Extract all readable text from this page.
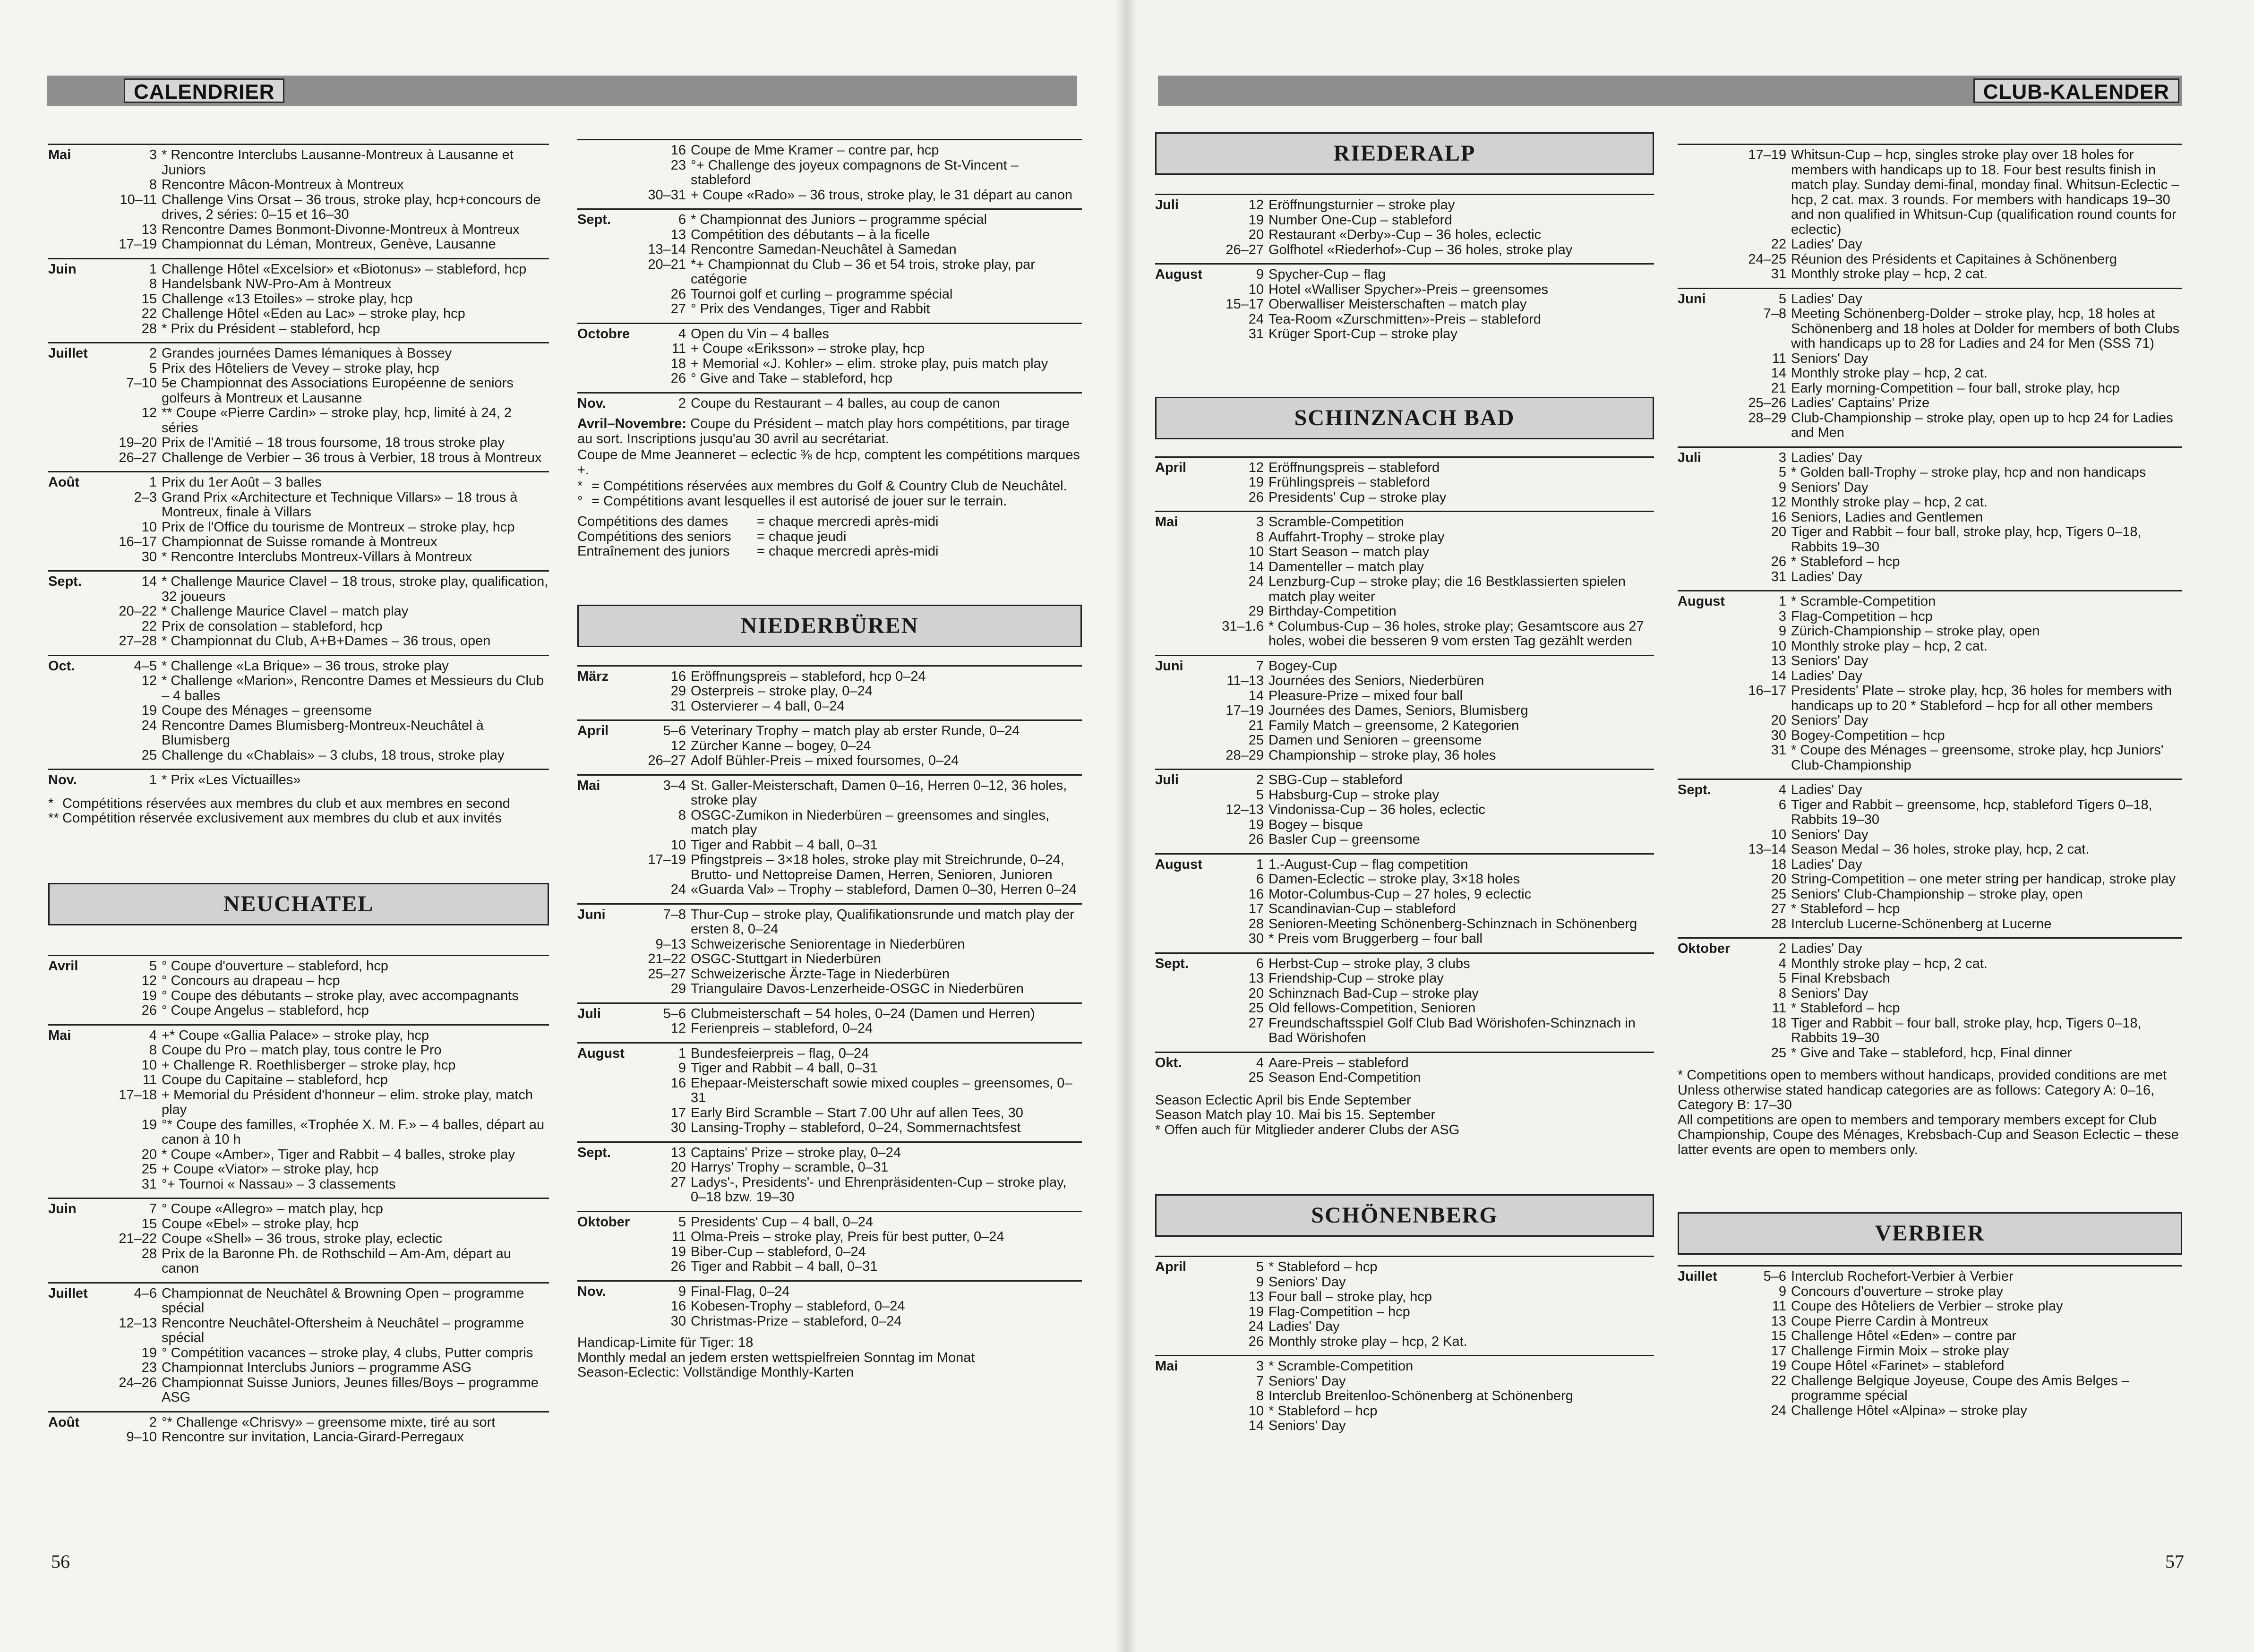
CALENDRIER
Mai	3 * Rencontre Interclubs Lausanne-Montreux à Lausanne et Juniors
8 Rencontre Mâcon-Montreux à Montreux
10–11 Challenge Vins Orsat – 36 trous, stroke play, hcp+concours de drives, 2 séries: 0–15 et 16–30
13 Rencontre Dames Bonmont-Divonne-Montreux à Montreux
17–19 Championnat du Léman, Montreux, Genève, Lausanne
Juin	1 Challenge Hôtel «Excelsior» et «Biotonus» – stableford, hcp
8 Handelsbank NW-Pro-Am à Montreux
15 Challenge «13 Etoiles» – stroke play, hcp
22 Challenge Hôtel «Eden au Lac» – stroke play, hcp
28 * Prix du Président – stableford, hcp
Juillet	2 Grandes journées Dames lémaniques à Bossey
5 Prix des Hôteliers de Vevey – stroke play, hcp
7–10 5e Championnat des Associations Européenne de seniors golfeurs à Montreux et Lausanne
12 ** Coupe «Pierre Cardin» – stroke play, hcp, limité à 24, 2 séries
19–20 Prix de l'Amitié – 18 trous foursome, 18 trous stroke play
26–27 Challenge de Verbier – 36 trous à Verbier, 18 trous à Montreux
Août	1 Prix du 1er Août – 3 balles
2–3 Grand Prix «Architecture et Technique Villars» – 18 trous à Montreux, finale à Villars
10 Prix de l'Office du tourisme de Montreux – stroke play, hcp
16–17 Championnat de Suisse romande à Montreux
30 * Rencontre Interclubs Montreux-Villars à Montreux
Sept.	14 * Challenge Maurice Clavel – 18 trous, stroke play, qualification, 32 joueurs
20–22 * Challenge Maurice Clavel – match play
22 Prix de consolation – stableford, hcp
27–28 * Championnat du Club, A+B+Dames – 36 trous, open
Oct.	4–5 * Challenge «La Brique» – 36 trous, stroke play
12 * Challenge «Marion», Rencontre Dames et Messieurs du Club – 4 balles
19 Coupe des Ménages – greensome
24 Rencontre Dames Blumisberg-Montreux-Neuchâtel à Blumisberg
25 Challenge du «Chablais» – 3 clubs, 18 trous, stroke play
Nov.	1 * Prix «Les Victuailles»
* Compétitions réservées aux membres du club et aux membres en second
** Compétition réservée exclusivement aux membres du club et aux invités
NEUCHATEL
Avril	5 ° Coupe d'ouverture – stableford, hcp
12 ° Concours au drapeau – hcp
19 ° Coupe des débutants – stroke play, avec accompagnants
26 ° Coupe Angelus – stableford, hcp
Mai	4 +* Coupe «Gallia Palace» – stroke play, hcp
8 Coupe du Pro – match play, tous contre le Pro
10 + Challenge R. Roethlisberger – stroke play, hcp
11 Coupe du Capitaine – stableford, hcp
17–18 + Memorial du Président d'honneur – elim. stroke play, match play
19 °* Coupe des familles, «Trophée X. M. F.» – 4 balles, départ au canon à 10 h
20 * Coupe «Amber», Tiger and Rabbit – 4 balles, stroke play
25 + Coupe «Viator» – stroke play, hcp
31 °+ Tournoi « Nassau» – 3 classements
Juin	7 ° Coupe «Allegro» – match play, hcp
15 Coupe «Ebel» – stroke play, hcp
21–22 Coupe «Shell» – 36 trous, stroke play, eclectic
28 Prix de la Baronne Ph. de Rothschild – Am-Am, départ au canon
Juillet	4–6 Championnat de Neuchâtel & Browning Open – programme spécial
12–13 Rencontre Neuchâtel-Oftersheim à Neuchâtel – programme spécial
19 ° Compétition vacances – stroke play, 4 clubs, Putter compris
23 Championnat Interclubs Juniors – programme ASG
24–26 Championnat Suisse Juniors, Jeunes filles/Boys – programme ASG
Août	2 °* Challenge «Chrisvy» – greensome mixte, tiré au sort
9–10 Rencontre sur invitation, Lancia-Girard-Perregaux
16 Coupe de Mme Kramer – contre par, hcp
23 °+ Challenge des joyeux compagnons de St-Vincent – stableford
30–31 + Coupe «Rado» – 36 trous, stroke play, le 31 départ au canon
Sept.	6 * Championnat des Juniors – programme spécial
13 Compétition des débutants – à la ficelle
13–14 Rencontre Samedan-Neuchâtel à Samedan
20–21 *+ Championnat du Club – 36 et 54 trois, stroke play, par catégorie
26 Tournoi golf et curling – programme spécial
27 ° Prix des Vendanges, Tiger and Rabbit
Octobre	4 Open du Vin – 4 balles
11 + Coupe «Eriksson» – stroke play, hcp
18 + Memorial «J. Kohler» – elim. stroke play, puis match play
26 ° Give and Take – stableford, hcp
Nov.	2 Coupe du Restaurant – 4 balles, au coup de canon
Avril–Novembre: Coupe du Président – match play hors compétitions, par tirage au sort. Inscriptions jusqu'au 30 avril au secrétariat.
Coupe de Mme Jeanneret – eclectic ⅜ de hcp, comptent les compétitions marques +.
* = Compétitions réservées aux membres du Golf & Country Club de Neuchâtel.
° = Compétitions avant lesquelles il est autorisé de jouer sur le terrain.
Compétitions des dames	= chaque mercredi après-midi
Compétitions des seniors	= chaque jeudi
Entraînement des juniors	= chaque mercredi après-midi
NIEDERBÜREN
März	16 Eröffnungspreis – stableford, hcp 0–24
29 Osterpreis – stroke play, 0–24
31 Ostervierer – 4 ball, 0–24
April	5–6 Veterinary Trophy – match play ab erster Runde, 0–24
12 Zürcher Kanne – bogey, 0–24
26–27 Adolf Bühler-Preis – mixed foursomes, 0–24
Mai	3–4 St. Galler-Meisterschaft, Damen 0–16, Herren 0–12, 36 holes, stroke play
8 OSGC-Zumikon in Niederbüren – greensomes and singles, match play
10 Tiger and Rabbit – 4 ball, 0–31
17–19 Pfingstpreis – 3×18 holes, stroke play mit Streichrunde, 0–24, Brutto- und Nettopreise Damen, Herren, Senioren, Junioren
24 «Guarda Val» – Trophy – stableford, Damen 0–30, Herren 0–24
Juni	7–8 Thur-Cup – stroke play, Qualifikationsrunde und match play der ersten 8, 0–24
9–13 Schweizerische Seniorentage in Niederbüren
21–22 OSGC-Stuttgart in Niederbüren
25–27 Schweizerische Ärzte-Tage in Niederbüren
29 Triangulaire Davos-Lenzerheide-OSGC in Niederbüren
Juli	5–6 Clubmeisterschaft – 54 holes, 0–24 (Damen und Herren)
12 Ferienpreis – stableford, 0–24
August	1 Bundesfeierpreis – flag, 0–24
9 Tiger and Rabbit – 4 ball, 0–31
16 Ehepaar-Meisterschaft sowie mixed couples – greensomes, 0–31
17 Early Bird Scramble – Start 7.00 Uhr auf allen Tees, 30
30 Lansing-Trophy – stableford, 0–24, Sommernachtsfest
Sept.	13 Captains' Prize – stroke play, 0–24
20 Harrys' Trophy – scramble, 0–31
27 Ladys'-, Presidents'- und Ehrenpräsidenten-Cup – stroke play, 0–18 bzw. 19–30
Oktober	5 Presidents' Cup – 4 ball, 0–24
11 Olma-Preis – stroke play, Preis für best putter, 0–24
19 Biber-Cup – stableford, 0–24
26 Tiger and Rabbit – 4 ball, 0–31
Nov.	9 Final-Flag, 0–24
16 Kobesen-Trophy – stableford, 0–24
30 Christmas-Prize – stableford, 0–24
Handicap-Limite für Tiger: 18
Monthly medal an jedem ersten wettspielfreien Sonntag im Monat
Season-Eclectic: Vollständige Monthly-Karten
56
CLUB-KALENDER
RIEDERALP
Juli	12 Eröffnungsturnier – stroke play
19 Number One-Cup – stableford
20 Restaurant «Derby»-Cup – 36 holes, eclectic
26–27 Golfhotel «Riederhof»-Cup – 36 holes, stroke play
August	9 Spycher-Cup – flag
10 Hotel «Walliser Spycher»-Preis – greensomes
15–17 Oberwalliser Meisterschaften – match play
24 Tea-Room «Zurschmitten»-Preis – stableford
31 Krüger Sport-Cup – stroke play
SCHINZNACH BAD
April	12 Eröffnungspreis – stableford
19 Frühlingspreis – stableford
26 Presidents' Cup – stroke play
Mai	3 Scramble-Competition
8 Auffahrt-Trophy – stroke play
10 Start Season – match play
14 Damenteller – match play
24 Lenzburg-Cup – stroke play; die 16 Bestklassierten spielen match play weiter
29 Birthday-Competition
31–1.6 * Columbus-Cup – 36 holes, stroke play; Gesamtscore aus 27 holes, wobei die besseren 9 vom ersten Tag gezählt werden
Juni	7 Bogey-Cup
11–13 Journées des Seniors, Niederbüren
14 Pleasure-Prize – mixed four ball
17–19 Journées des Dames, Seniors, Blumisberg
21 Family Match – greensome, 2 Kategorien
25 Damen und Senioren – greensome
28–29 Championship – stroke play, 36 holes
Juli	2 SBG-Cup – stableford
5 Habsburg-Cup – stroke play
12–13 Vindonissa-Cup – 36 holes, eclectic
19 Bogey – bisque
26 Basler Cup – greensome
August	1 1.-August-Cup – flag competition
6 Damen-Eclectic – stroke play, 3×18 holes
16 Motor-Columbus-Cup – 27 holes, 9 eclectic
17 Scandinavian-Cup – stableford
28 Senioren-Meeting Schönenberg-Schinznach in Schönenberg
30 * Preis vom Bruggerberg – four ball
Sept.	6 Herbst-Cup – stroke play, 3 clubs
13 Friendship-Cup – stroke play
20 Schinznach Bad-Cup – stroke play
25 Old fellows-Competition, Senioren
27 Freundschaftsspiel Golf Club Bad Wörishofen-Schinznach in Bad Wörishofen
Okt.	4 Aare-Preis – stableford
25 Season End-Competition
Season Eclectic April bis Ende September
Season Match play 10. Mai bis 15. September
* Offen auch für Mitglieder anderer Clubs der ASG
SCHÖNENBERG
April	5 * Stableford – hcp
9 Seniors' Day
13 Four ball – stroke play, hcp
19 Flag-Competition – hcp
24 Ladies' Day
26 Monthly stroke play – hcp, 2 Kat.
Mai	3 * Scramble-Competition
7 Seniors' Day
8 Interclub Breitenloo-Schönenberg at Schönenberg
10 * Stableford – hcp
14 Seniors' Day
17–19 Whitsun-Cup – hcp, singles stroke play over 18 holes for members with handicaps up to 18. Four best results finish in match play. Sunday demi-final, monday final. Whitsun-Eclectic – hcp, 2 cat. max. 3 rounds. For members with handicaps 19–30 and non qualified in Whitsun-Cup (qualification round counts for eclectic)
22 Ladies' Day
24–25 Réunion des Présidents et Capitaines à Schönenberg
31 Monthly stroke play – hcp, 2 cat.
Juni	5 Ladies' Day
7–8 Meeting Schönenberg-Dolder – stroke play, hcp, 18 holes at Schönenberg and 18 holes at Dolder for members of both Clubs with handicaps up to 28 for Ladies and 24 for Men (SSS 71)
11 Seniors' Day
14 Monthly stroke play – hcp, 2 cat.
21 Early morning-Competition – four ball, stroke play, hcp
25–26 Ladies' Captains' Prize
28–29 Club-Championship – stroke play, open up to hcp 24 for Ladies and Men
Juli	3 Ladies' Day
5 * Golden ball-Trophy – stroke play, hcp and non handicaps
9 Seniors' Day
12 Monthly stroke play – hcp, 2 cat.
16 Seniors, Ladies and Gentlemen
20 Tiger and Rabbit – four ball, stroke play, hcp, Tigers 0–18, Rabbits 19–30
26 * Stableford – hcp
31 Ladies' Day
August	1 * Scramble-Competition
3 Flag-Competition – hcp
9 Zürich-Championship – stroke play, open
10 Monthly stroke play – hcp, 2 cat.
13 Seniors' Day
14 Ladies' Day
16–17 Presidents' Plate – stroke play, hcp, 36 holes for members with handicaps up to 20 * Stableford – hcp for all other members
20 Seniors' Day
30 Bogey-Competition – hcp
31 * Coupe des Ménages – greensome, stroke play, hcp Juniors' Club-Championship
Sept.	4 Ladies' Day
6 Tiger and Rabbit – greensome, hcp, stableford Tigers 0–18, Rabbits 19–30
10 Seniors' Day
13–14 Season Medal – 36 holes, stroke play, hcp, 2 cat.
18 Ladies' Day
20 String-Competition – one meter string per handicap, stroke play
25 Seniors' Club-Championship – stroke play, open
27 * Stableford – hcp
28 Interclub Lucerne-Schönenberg at Lucerne
Oktober	2 Ladies' Day
4 Monthly stroke play – hcp, 2 cat.
5 Final Krebsbach
8 Seniors' Day
11 * Stableford – hcp
18 Tiger and Rabbit – four ball, stroke play, hcp, Tigers 0–18, Rabbits 19–30
25 * Give and Take – stableford, hcp, Final dinner
* Competitions open to members without handicaps, provided conditions are met
Unless otherwise stated handicap categories are as follows: Category A: 0–16, Category B: 17–30
All competitions are open to members and temporary members except for Club Championship, Coupe des Ménages, Krebsbach-Cup and Season Eclectic – these latter events are open to members only.
VERBIER
Juillet	5–6 Interclub Rochefort-Verbier à Verbier
9 Concours d'ouverture – stroke play
11 Coupe des Hôteliers de Verbier – stroke play
13 Coupe Pierre Cardin à Montreux
15 Challenge Hôtel «Eden» – contre par
17 Challenge Firmin Moix – stroke play
19 Coupe Hôtel «Farinet» – stableford
22 Challenge Belgique Joyeuse, Coupe des Amis Belges – programme spécial
24 Challenge Hôtel «Alpina» – stroke play
57
